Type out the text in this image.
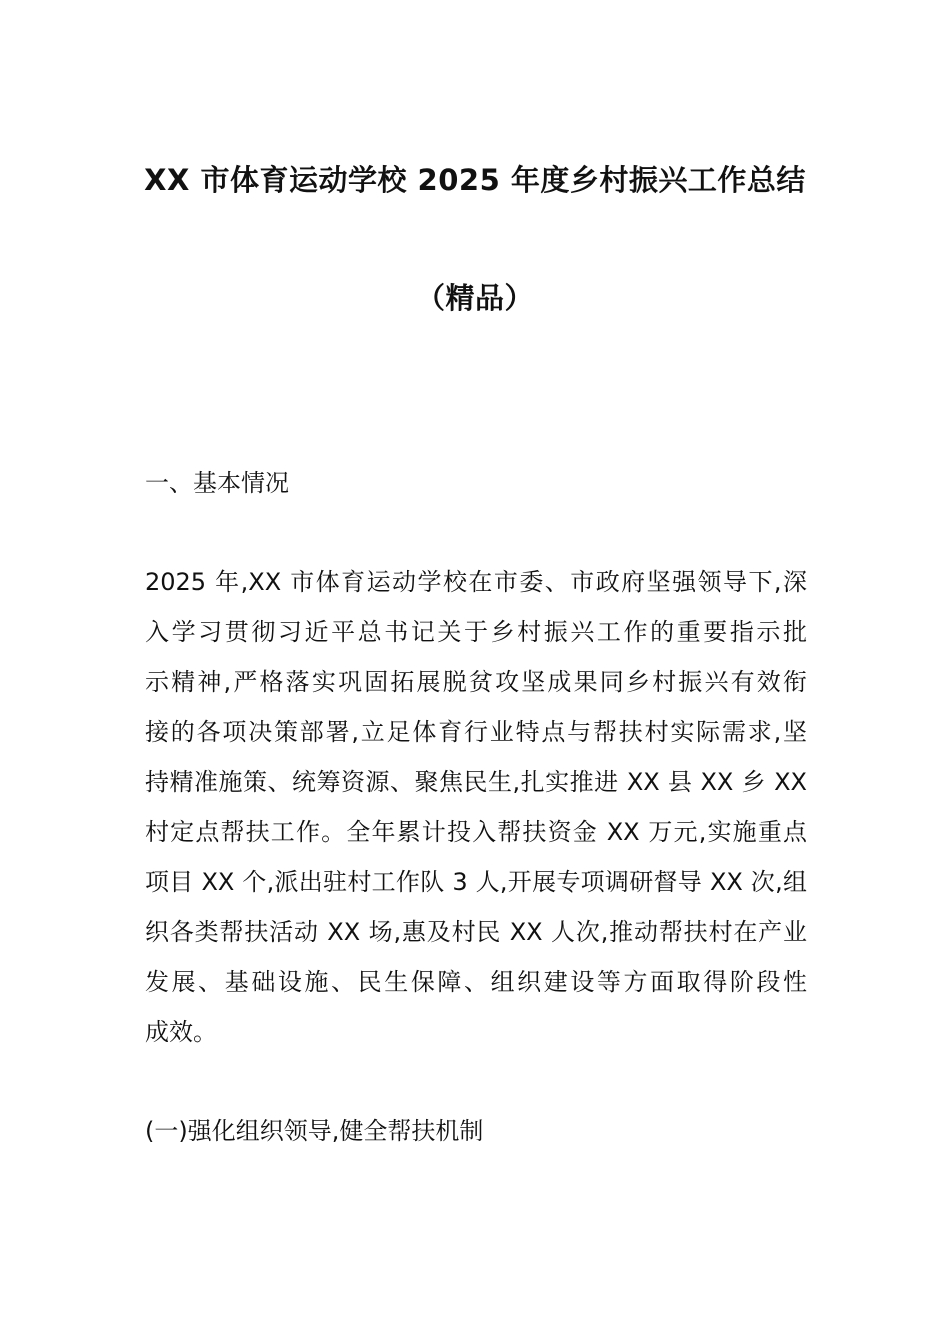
XX 市体育运动学校 2025 年度乡村振兴工作总结
（精品）
一、基本情况
2025 年,XX 市体育运动学校在市委、市政府坚强领导下,深
入学习贯彻习近平总书记关于乡村振兴工作的重要指示批
示精神,严格落实巩固拓展脱贫攻坚成果同乡村振兴有效衔
接的各项决策部署,立足体育行业特点与帮扶村实际需求,坚
持精准施策、统筹资源、聚焦民生,扎实推进 XX 县 XX 乡 XX
村定点帮扶工作。全年累计投入帮扶资金 XX 万元,实施重点
项目 XX 个,派出驻村工作队 3 人,开展专项调研督导 XX 次,组
织各类帮扶活动 XX 场,惠及村民 XX 人次,推动帮扶村在产业
发展、基础设施、民生保障、组织建设等方面取得阶段性
成效。
(一)强化组织领导,健全帮扶机制
